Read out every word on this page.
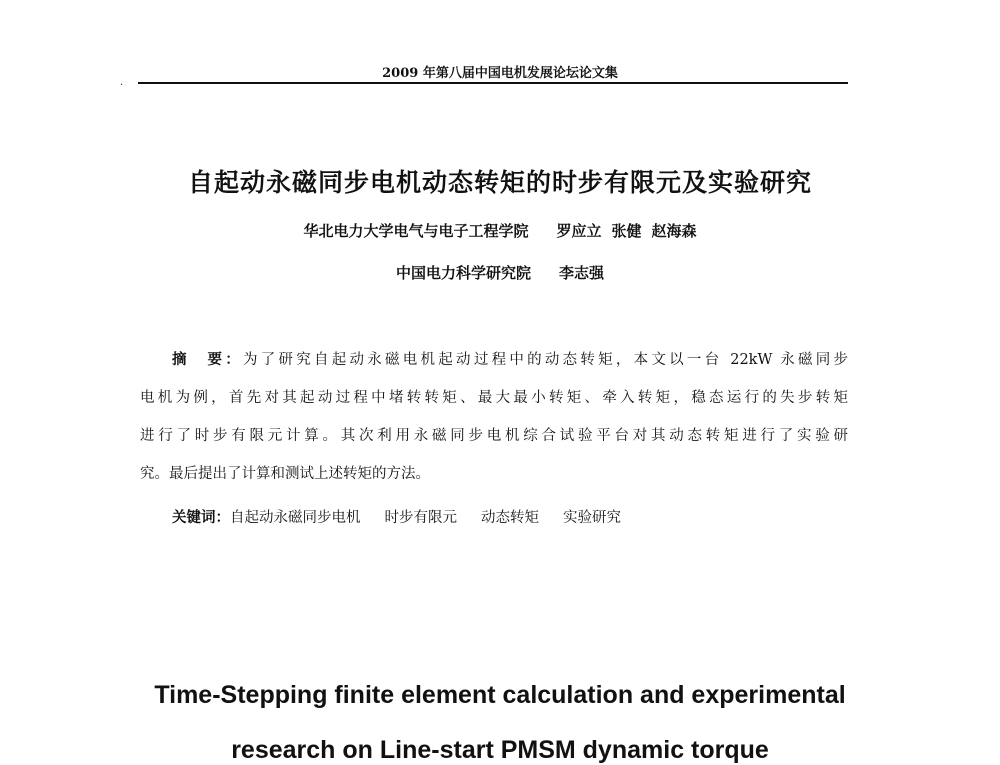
2009 年第八届中国电机发展论坛论文集
·
自起动永磁同步电机动态转矩的时步有限元及实验研究
华北电力大学电气与电子工程学院 罗应立 张健 赵海森
中国电力科学研究院 李志强
摘　要：为了研究自起动永磁电机起动过程中的动态转矩，本文以一台 22kW 永磁同步
电机为例，首先对其起动过程中堵转转矩、最大最小转矩、牵入转矩，稳态运行的失步转矩
进行了时步有限元计算。其次利用永磁同步电机综合试验平台对其动态转矩进行了实验研
究。最后提出了计算和测试上述转矩的方法。
关键词：自起动永磁同步电机 时步有限元 动态转矩 实验研究
Time-Stepping finite element calculation and experimental
research on Line-start PMSM dynamic torque
